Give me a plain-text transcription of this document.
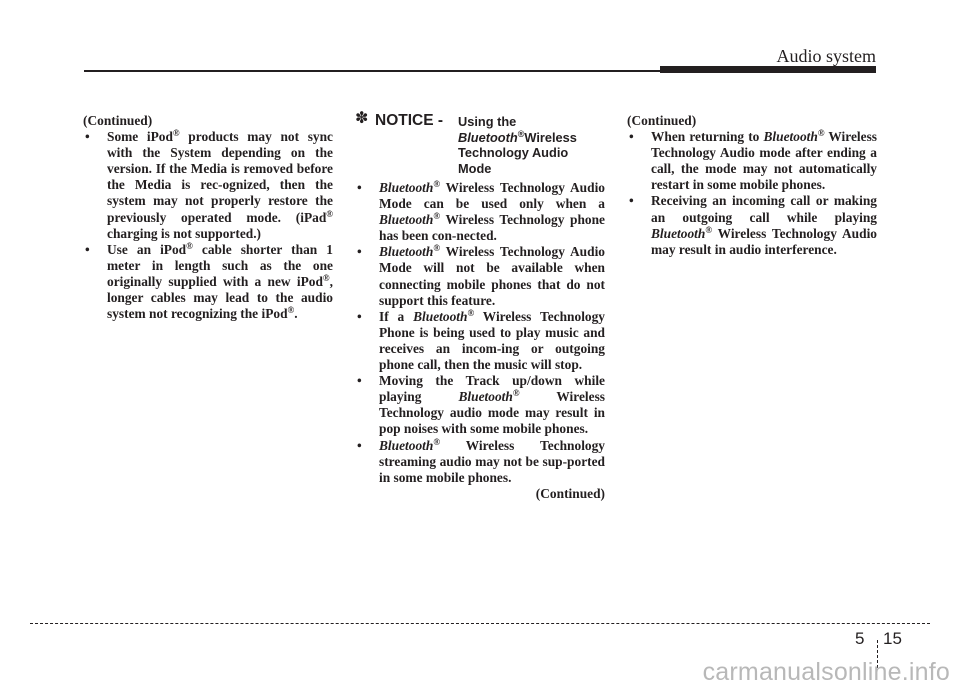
Audio system

(Continued)

• Some iPod® products may not sync with the System depending on the version. If the Media is removed before the Media is rec-ognized, then the system may not properly restore the previously operated mode. (iPad® charging is not supported.)
• Use an iPod® cable shorter than 1 meter in length such as the one originally supplied with a new iPod®, longer cables may lead to the audio system not recognizing the iPod®.
✽ NOTICE - Using the
Bluetooth®Wireless
Technology Audio
Mode
• Bluetooth® Wireless Technology Audio Mode can be used only when a Bluetooth® Wireless Technology phone has been con-nected.
• Bluetooth® Wireless Technology Audio Mode will not be available when connecting mobile phones that do not support this feature.
• If a Bluetooth® Wireless Technology Phone is being used to play music and receives an incom-ing or outgoing phone call, then the music will stop.
• Moving the Track up/down while playing Bluetooth® Wireless Technology audio mode may result in pop noises with some mobile phones.
• Bluetooth® Wireless Technology streaming audio may not be sup-ported in some mobile phones.

(Continued)

(Continued)

• When returning to Bluetooth® Wireless Technology Audio mode after ending a call, the mode may not automatically restart in some mobile phones.
• Receiving an incoming call or making an outgoing call while playing Bluetooth® Wireless Technology Audio may result in audio interference.
5 15
carmanualsonline.info
